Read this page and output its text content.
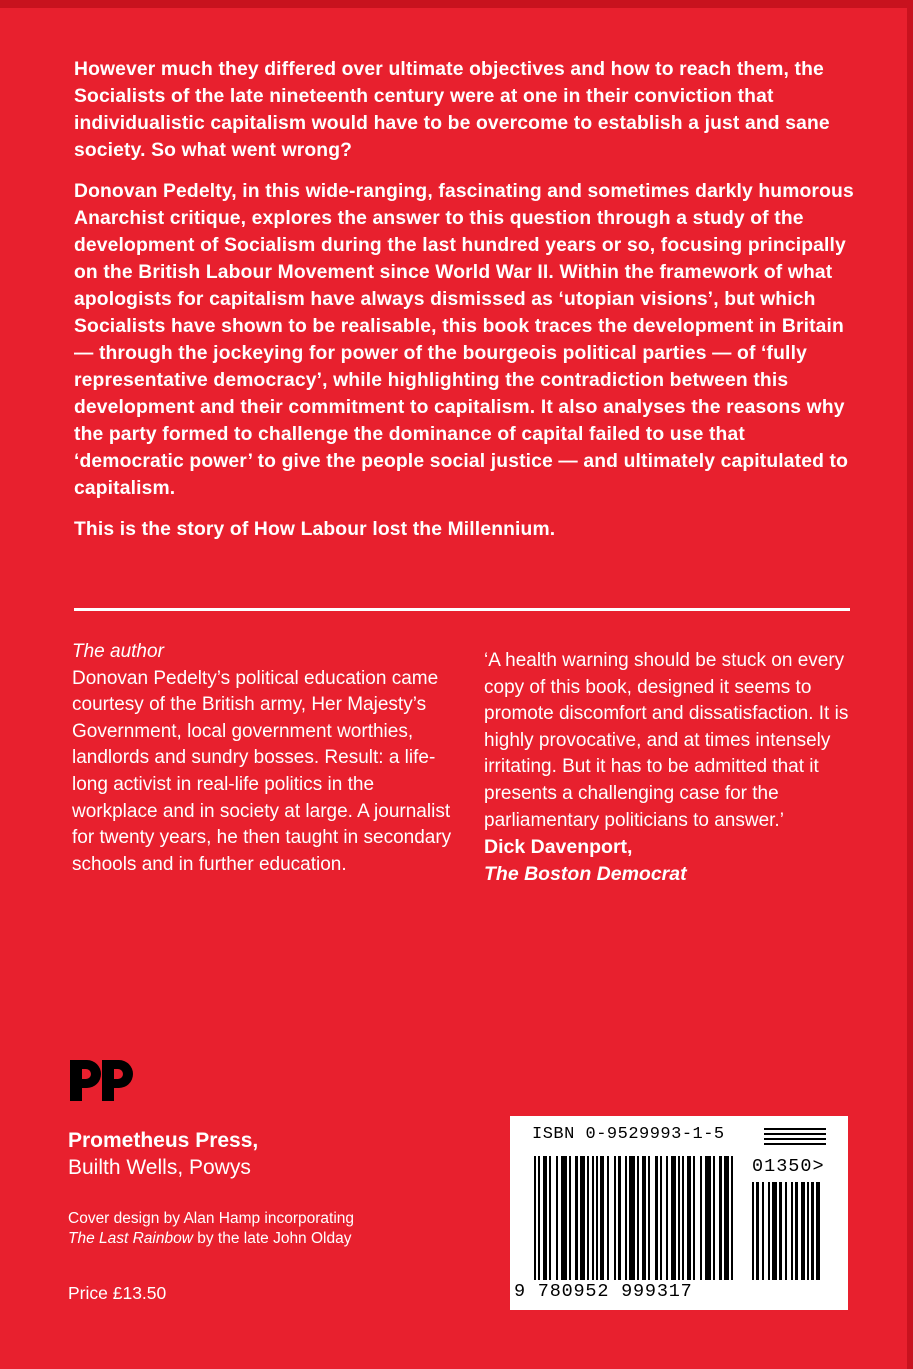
However much they differed over ultimate objectives and how to reach them, the Socialists of the late nineteenth century were at one in their conviction that individualistic capitalism would have to be overcome to establish a just and sane society. So what went wrong?

Donovan Pedelty, in this wide-ranging, fascinating and sometimes darkly humorous Anarchist critique, explores the answer to this question through a study of the development of Socialism during the last hundred years or so, focusing principally on the British Labour Movement since World War II. Within the framework of what apologists for capitalism have always dismissed as ‘utopian visions’, but which Socialists have shown to be realisable, this book traces the development in Britain — through the jockeying for power of the bourgeois political parties — of ‘fully representative democracy’, while highlighting the contradiction between this development and their commitment to capitalism. It also analyses the reasons why the party formed to challenge the dominance of capital failed to use that ‘democratic power’ to give the people social justice — and ultimately capitulated to capitalism.

This is the story of How Labour lost the Millennium.

The author
Donovan Pedelty’s political education came courtesy of the British army, Her Majesty’s Government, local government worthies, landlords and sundry bosses. Result: a life-long activist in real-life politics in the workplace and in society at large. A journalist for twenty years, he then taught in secondary schools and in further education.
‘A health warning should be stuck on every copy of this book, designed it seems to promote discomfort and dissatisfaction. It is highly provocative, and at times intensely irritating. But it has to be admitted that it presents a challenging case for the parliamentary politicians to answer.’
Dick Davenport,
The Boston Democrat
Prometheus Press,
Builth Wells, Powys
Cover design by Alan Hamp incorporating
The Last Rainbow by the late John Olday
Price £13.50
ISBN 0-9529993-1-5
01350>
9 780952 999317
